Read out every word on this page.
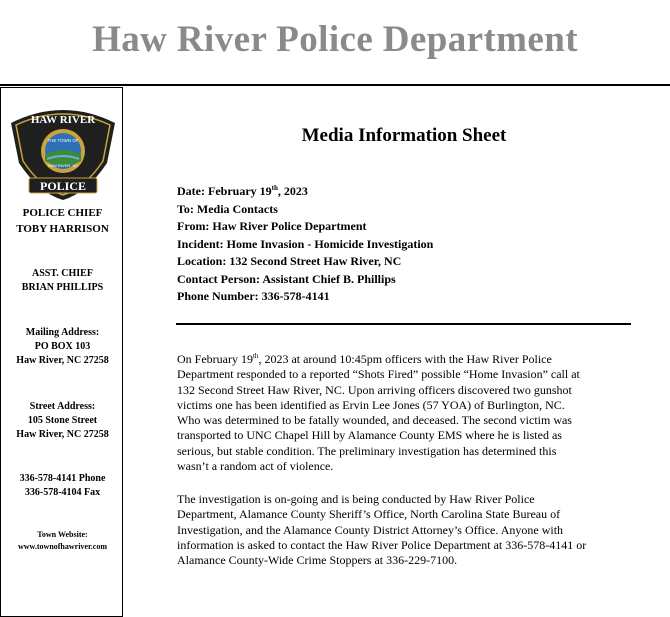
Haw River Police Department
HAW RIVER
THE TOWN OF
HAW RIVER, NC
POLICE
POLICE CHIEF
TOBY HARRISON
ASST. CHIEF
BRIAN PHILLIPS
Mailing Address:
PO BOX 103
Haw River, NC 27258
Street Address:
105 Stone Street
Haw River, NC 27258
336-578-4141 Phone
336-578-4104 Fax
Town Website:
www.townofhawriver.com
Media Information Sheet
Date: February 19th, 2023
To: Media Contacts
From: Haw River Police Department
Incident: Home Invasion - Homicide Investigation
Location: 132 Second Street Haw River, NC
Contact Person: Assistant Chief B. Phillips
Phone Number: 336-578-4141

On February 19th, 2023 at around 10:45pm officers with the Haw River Police
Department responded to a reported “Shots Fired” possible “Home Invasion” call at
132 Second Street Haw River, NC. Upon arriving officers discovered two gunshot
victims one has been identified as Ervin Lee Jones (57 YOA) of Burlington, NC.
Who was determined to be fatally wounded, and deceased. The second victim was
transported to UNC Chapel Hill by Alamance County EMS where he is listed as
serious, but stable condition. The preliminary investigation has determined this
wasn’t a random act of violence.

The investigation is on-going and is being conducted by Haw River Police
Department, Alamance County Sheriff’s Office, North Carolina State Bureau of
Investigation, and the Alamance County District Attorney’s Office. Anyone with
information is asked to contact the Haw River Police Department at 336-578-4141 or
Alamance County-Wide Crime Stoppers at 336-229-7100.
